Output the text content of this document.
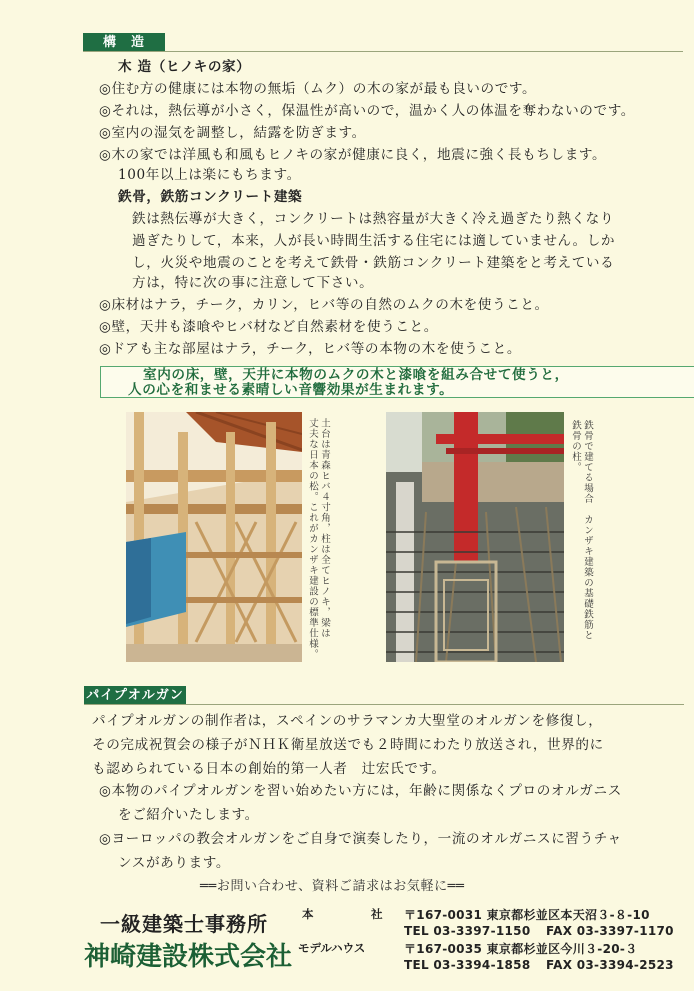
構　造
木 造（ヒノキの家）
◎住む方の健康には本物の無垢（ムク）の木の家が最も良いのです。
◎それは，熱伝導が小さく，保温性が高いので，温かく人の体温を奪わないのです。
◎室内の湿気を調整し，結露を防ぎます。
◎木の家では洋風も和風もヒノキの家が健康に良く，地震に強く長もちします。
100年以上は楽にもちます。
鉄骨，鉄筋コンクリート建築
鉄は熱伝導が大きく，コンクリートは熱容量が大きく冷え過ぎたり熱くなり
過ぎたりして，本来，人が長い時間生活する住宅には適していません。しか
し，火災や地震のことを考えて鉄骨・鉄筋コンクリート建築をと考えている
方は，特に次の事に注意して下さい。
◎床材はナラ，チーク，カリン，ヒバ等の自然のムクの木を使うこと。
◎壁，天井も漆喰やヒバ材など自然素材を使うこと。
◎ドアも主な部屋はナラ，チーク，ヒバ等の本物の木を使うこと。
室内の床，壁，天井に本物のムクの木と漆喰を組み合せて使うと，
人の心を和ませる素晴しい音響効果が生まれます。
土台は青森ヒバ４寸角，柱は全てヒノキ，梁は
丈夫な日本の松。これがカンザキ建設の標準仕様。	鉄骨で建てる場合　カンザキ建築の基礎鉄筋と
鉄骨の柱。
パイプオルガン
パイプオルガンの制作者は，スペインのサラマンカ大聖堂のオルガンを修復し，
その完成祝賀会の様子がＮＨＫ衛星放送でも２時間にわたり放送され，世界的に
も認められている日本の創始的第一人者　辻宏氏です。
◎本物のパイプオルガンを習い始めたい方には，年齢に関係なくプロのオルガニス
をご紹介いたします。
◎ヨーロッパの教会オルガンをご自身で演奏したり，一流のオルガニスに習うチャ
ンスがあります。
══お問い合わせ、資料ご請求はお気軽に══
一級建築士事務所
神崎建設株式会社
本　　　　　社 〒167-0031 東京都杉並区本天沼３-８-10
TEL 03-3397-1150 FAX 03-3397-1170
モデルハウス	〒167-0035 東京都杉並区今川３-20-３
TEL 03-3394-1858 FAX 03-3394-2523
